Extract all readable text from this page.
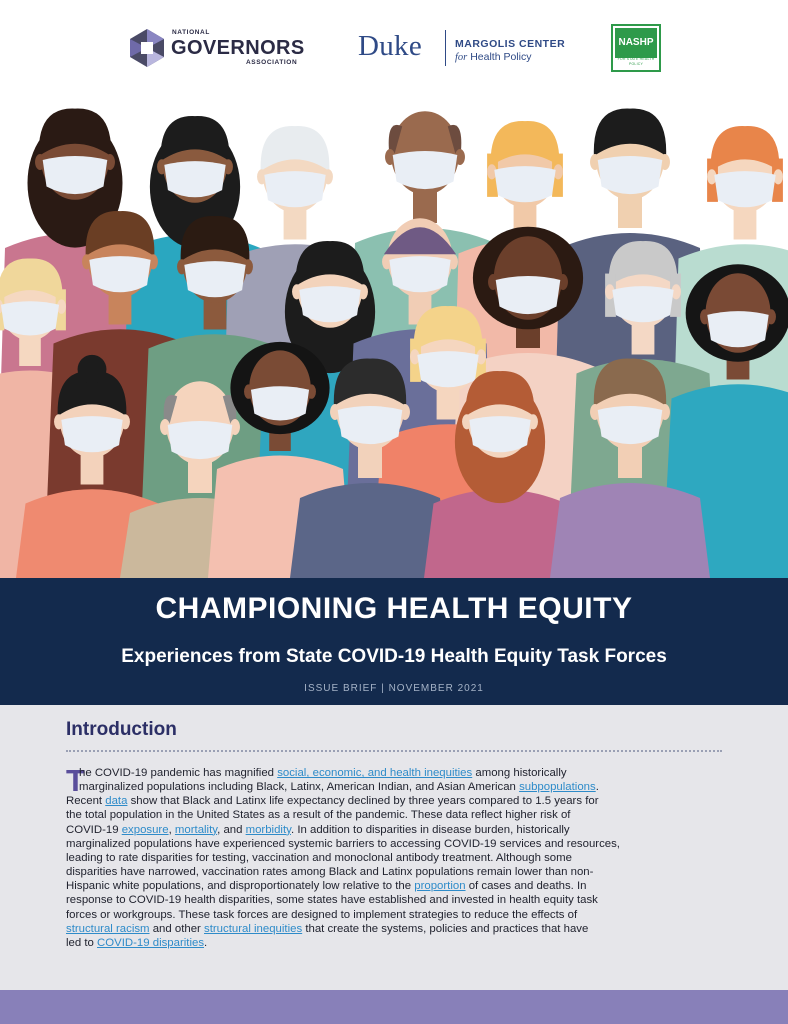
NATIONAL
GOVERNORS
ASSOCIATION
Duke	MARGOLIS CENTER
for Health Policy
NASHP
NATIONAL ACADEMY FOR STATE HEALTH POLICY
CHAMPIONING HEALTH EQUITY
Experiences from State COVID-19 Health Equity Task Forces
ISSUE BRIEF | NOVEMBER 2021
Introduction
T
he COVID-19 pandemic has magnified social, economic, and health inequities among historically
marginalized populations including Black, Latinx, American Indian, and Asian American subpopulations.
Recent data show that Black and Latinx life expectancy declined by three years compared to 1.5 years for
the total population in the United States as a result of the pandemic. These data reflect higher risk of
COVID-19 exposure, mortality, and morbidity. In addition to disparities in disease burden, historically
marginalized populations have experienced systemic barriers to accessing COVID-19 services and resources,
leading to rate disparities for testing, vaccination and monoclonal antibody treatment. Although some
disparities have narrowed, vaccination rates among Black and Latinx populations remain lower than non-
Hispanic white populations, and disproportionately low relative to the proportion of cases and deaths. In
response to COVID-19 health disparities, some states have established and invested in health equity task
forces or workgroups. These task forces are designed to implement strategies to reduce the effects of
structural racism and other structural inequities that create the systems, policies and practices that have
led to COVID-19 disparities.
